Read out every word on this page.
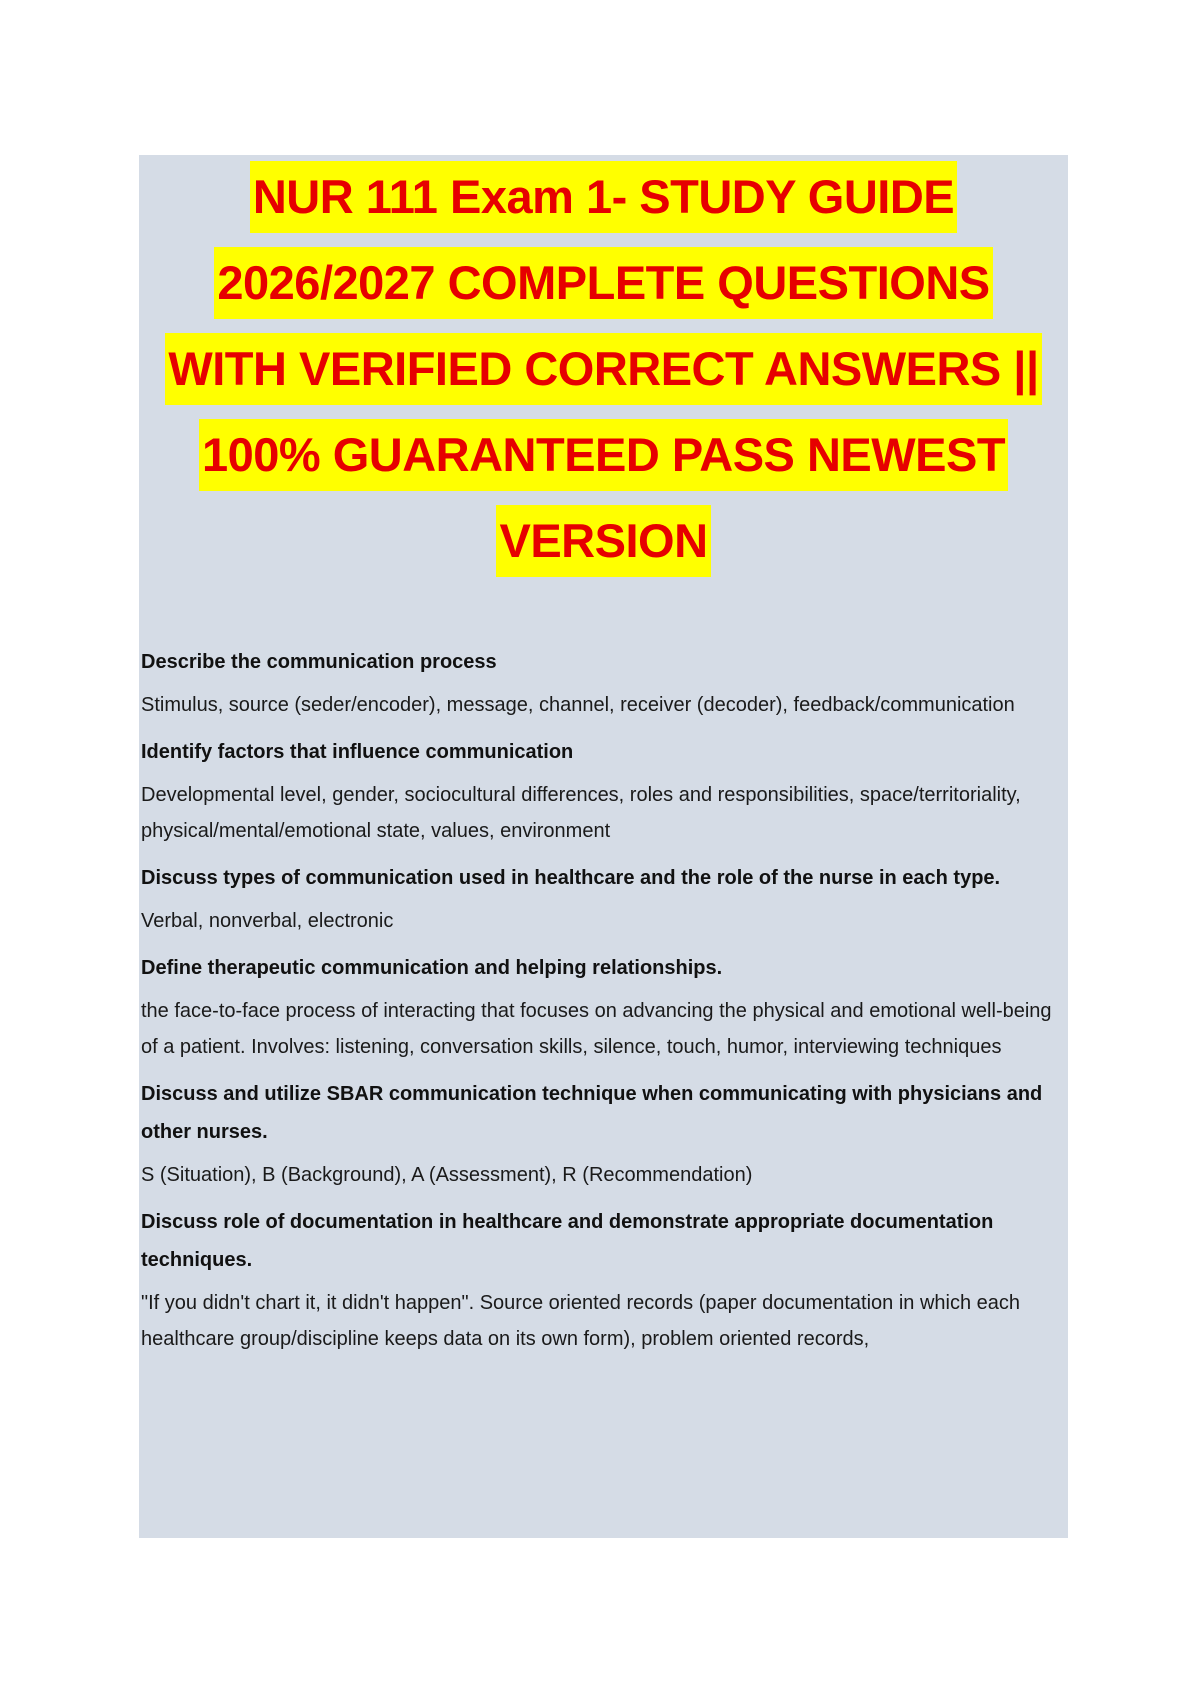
NUR 111 Exam 1- STUDY GUIDE
2026/2027 COMPLETE QUESTIONS
WITH VERIFIED CORRECT ANSWERS ||
100% GUARANTEED PASS NEWEST
VERSION

Describe the communication process

Stimulus, source (seder/encoder), message, channel, receiver (decoder), feedback/communication

Identify factors that influence communication

Developmental level, gender, sociocultural differences, roles and responsibilities, space/territoriality, physical/mental/emotional state, values, environment

Discuss types of communication used in healthcare and the role of the nurse in each type.

Verbal, nonverbal, electronic

Define therapeutic communication and helping relationships.

the face-to-face process of interacting that focuses on advancing the physical and emotional well-being of a patient. Involves: listening, conversation skills, silence, touch, humor, interviewing techniques

Discuss and utilize SBAR communication technique when communicating with physicians and other nurses.

S (Situation), B (Background), A (Assessment), R (Recommendation)

Discuss role of documentation in healthcare and demonstrate appropriate documentation techniques.

"If you didn't chart it, it didn't happen". Source oriented records (paper documentation in which each healthcare group/discipline keeps data on its own form), problem oriented records,
